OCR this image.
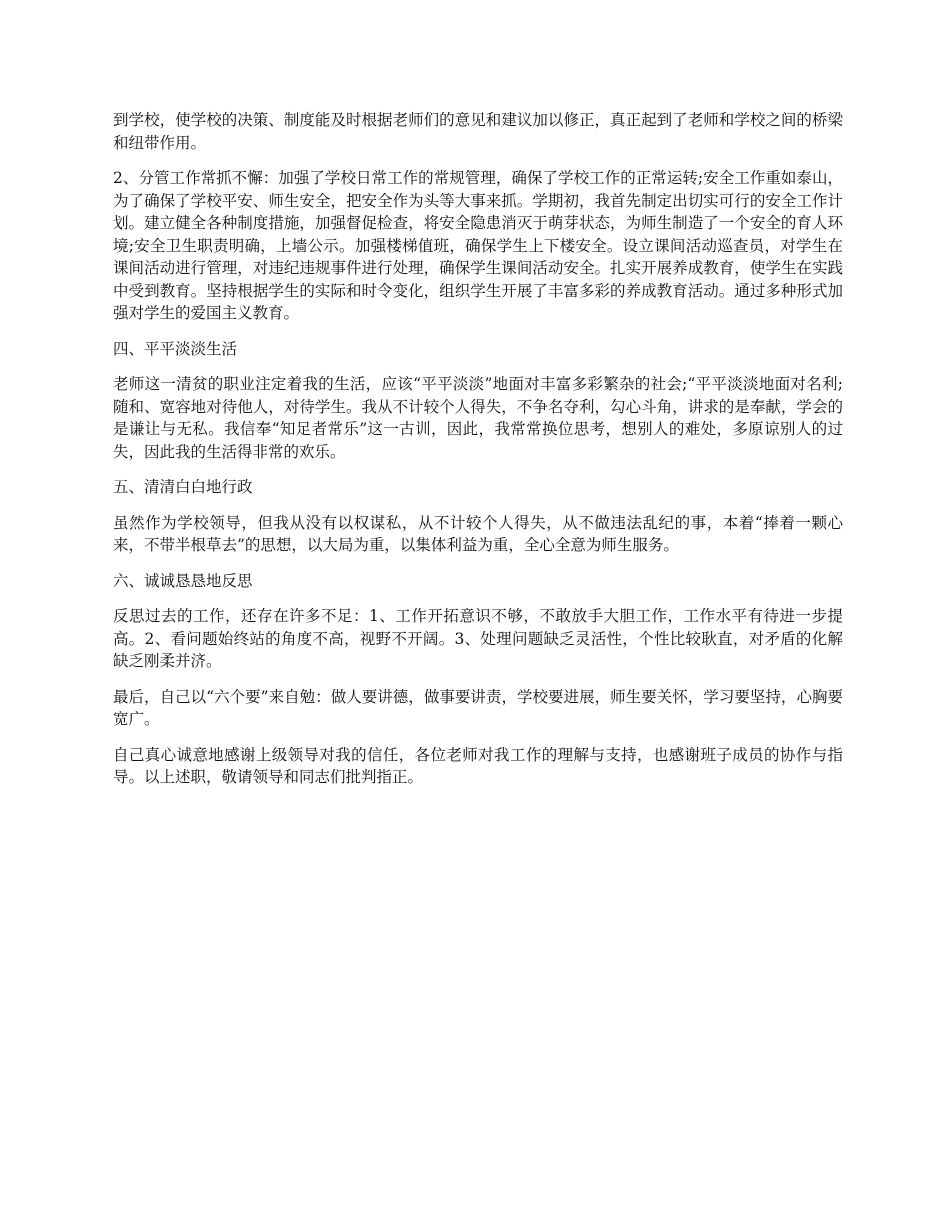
到学校，使学校的决策、制度能及时根据老师们的意见和建议加以修正，真正起到了老师和学校之间的桥梁和纽带作用。

2、分管工作常抓不懈：加强了学校日常工作的常规管理，确保了学校工作的正常运转;安全工作重如泰山，为了确保了学校平安、师生安全，把安全作为头等大事来抓。学期初，我首先制定出切实可行的安全工作计划。建立健全各种制度措施，加强督促检查，将安全隐患消灭于萌芽状态，为师生制造了一个安全的育人环境;安全卫生职责明确，上墙公示。加强楼梯值班，确保学生上下楼安全。设立课间活动巡查员，对学生在课间活动进行管理，对违纪违规事件进行处理，确保学生课间活动安全。扎实开展养成教育，使学生在实践中受到教育。坚持根据学生的实际和时令变化，组织学生开展了丰富多彩的养成教育活动。通过多种形式加强对学生的爱国主义教育。

四、平平淡淡生活

老师这一清贫的职业注定着我的生活，应该“平平淡淡”地面对丰富多彩繁杂的社会;“平平淡淡地面对名利;随和、宽容地对待他人，对待学生。我从不计较个人得失，不争名夺利，勾心斗角，讲求的是奉献，学会的是谦让与无私。我信奉“知足者常乐”这一古训，因此，我常常换位思考，想别人的难处，多原谅别人的过失，因此我的生活得非常的欢乐。

五、清清白白地行政

虽然作为学校领导，但我从没有以权谋私，从不计较个人得失，从不做违法乱纪的事，本着“捧着一颗心来，不带半根草去”的思想，以大局为重，以集体利益为重，全心全意为师生服务。

六、诚诚恳恳地反思

反思过去的工作，还存在许多不足：1、工作开拓意识不够，不敢放手大胆工作，工作水平有待进一步提高。2、看问题始终站的角度不高，视野不开阔。3、处理问题缺乏灵活性，个性比较耿直，对矛盾的化解缺乏刚柔并济。

最后，自己以“六个要”来自勉：做人要讲德，做事要讲责，学校要进展，师生要关怀，学习要坚持，心胸要宽广。

自己真心诚意地感谢上级领导对我的信任，各位老师对我工作的理解与支持，也感谢班子成员的协作与指导。以上述职，敬请领导和同志们批判指正。
